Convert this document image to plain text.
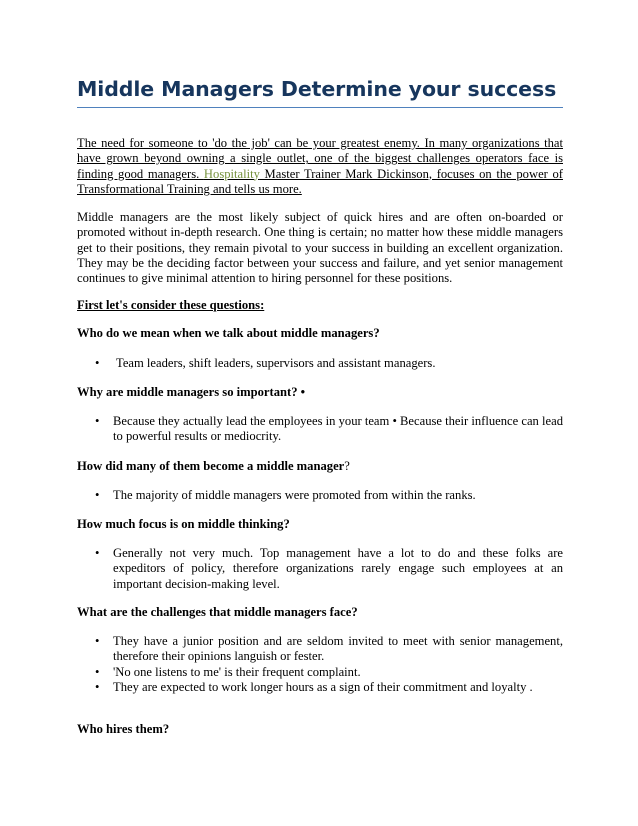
Middle Managers Determine your success

The need for someone to 'do the job' can be your greatest enemy. In many organizations that have grown beyond owning a single outlet, one of the biggest challenges operators face is finding good managers. Hospitality Master Trainer Mark Dickinson, focuses on the power of Transformational Training and tells us more.

Middle managers are the most likely subject of quick hires and are often on-boarded or promoted without in-depth research. One thing is certain; no matter how these middle managers get to their positions, they remain pivotal to your success in building an excellent organization. They may be the deciding factor between your success and failure, and yet senior management continues to give minimal attention to hiring personnel for these positions.

First let's consider these questions:

Who do we mean when we talk about middle managers?

• Team leaders, shift leaders, supervisors and assistant managers.

Why are middle managers so important? •

• Because they actually lead the employees in your team • Because their influence can lead to powerful results or mediocrity.

How did many of them become a middle manager?

• The majority of middle managers were promoted from within the ranks.

How much focus is on middle thinking?

• Generally not very much. Top management have a lot to do and these folks are expeditors of policy, therefore organizations rarely engage such employees at an important decision-making level.

What are the challenges that middle managers face?

• They have a junior position and are seldom invited to meet with senior management, therefore their opinions languish or fester.
• 'No one listens to me' is their frequent complaint.
• They are expected to work longer hours as a sign of their commitment and loyalty .

Who hires them?
